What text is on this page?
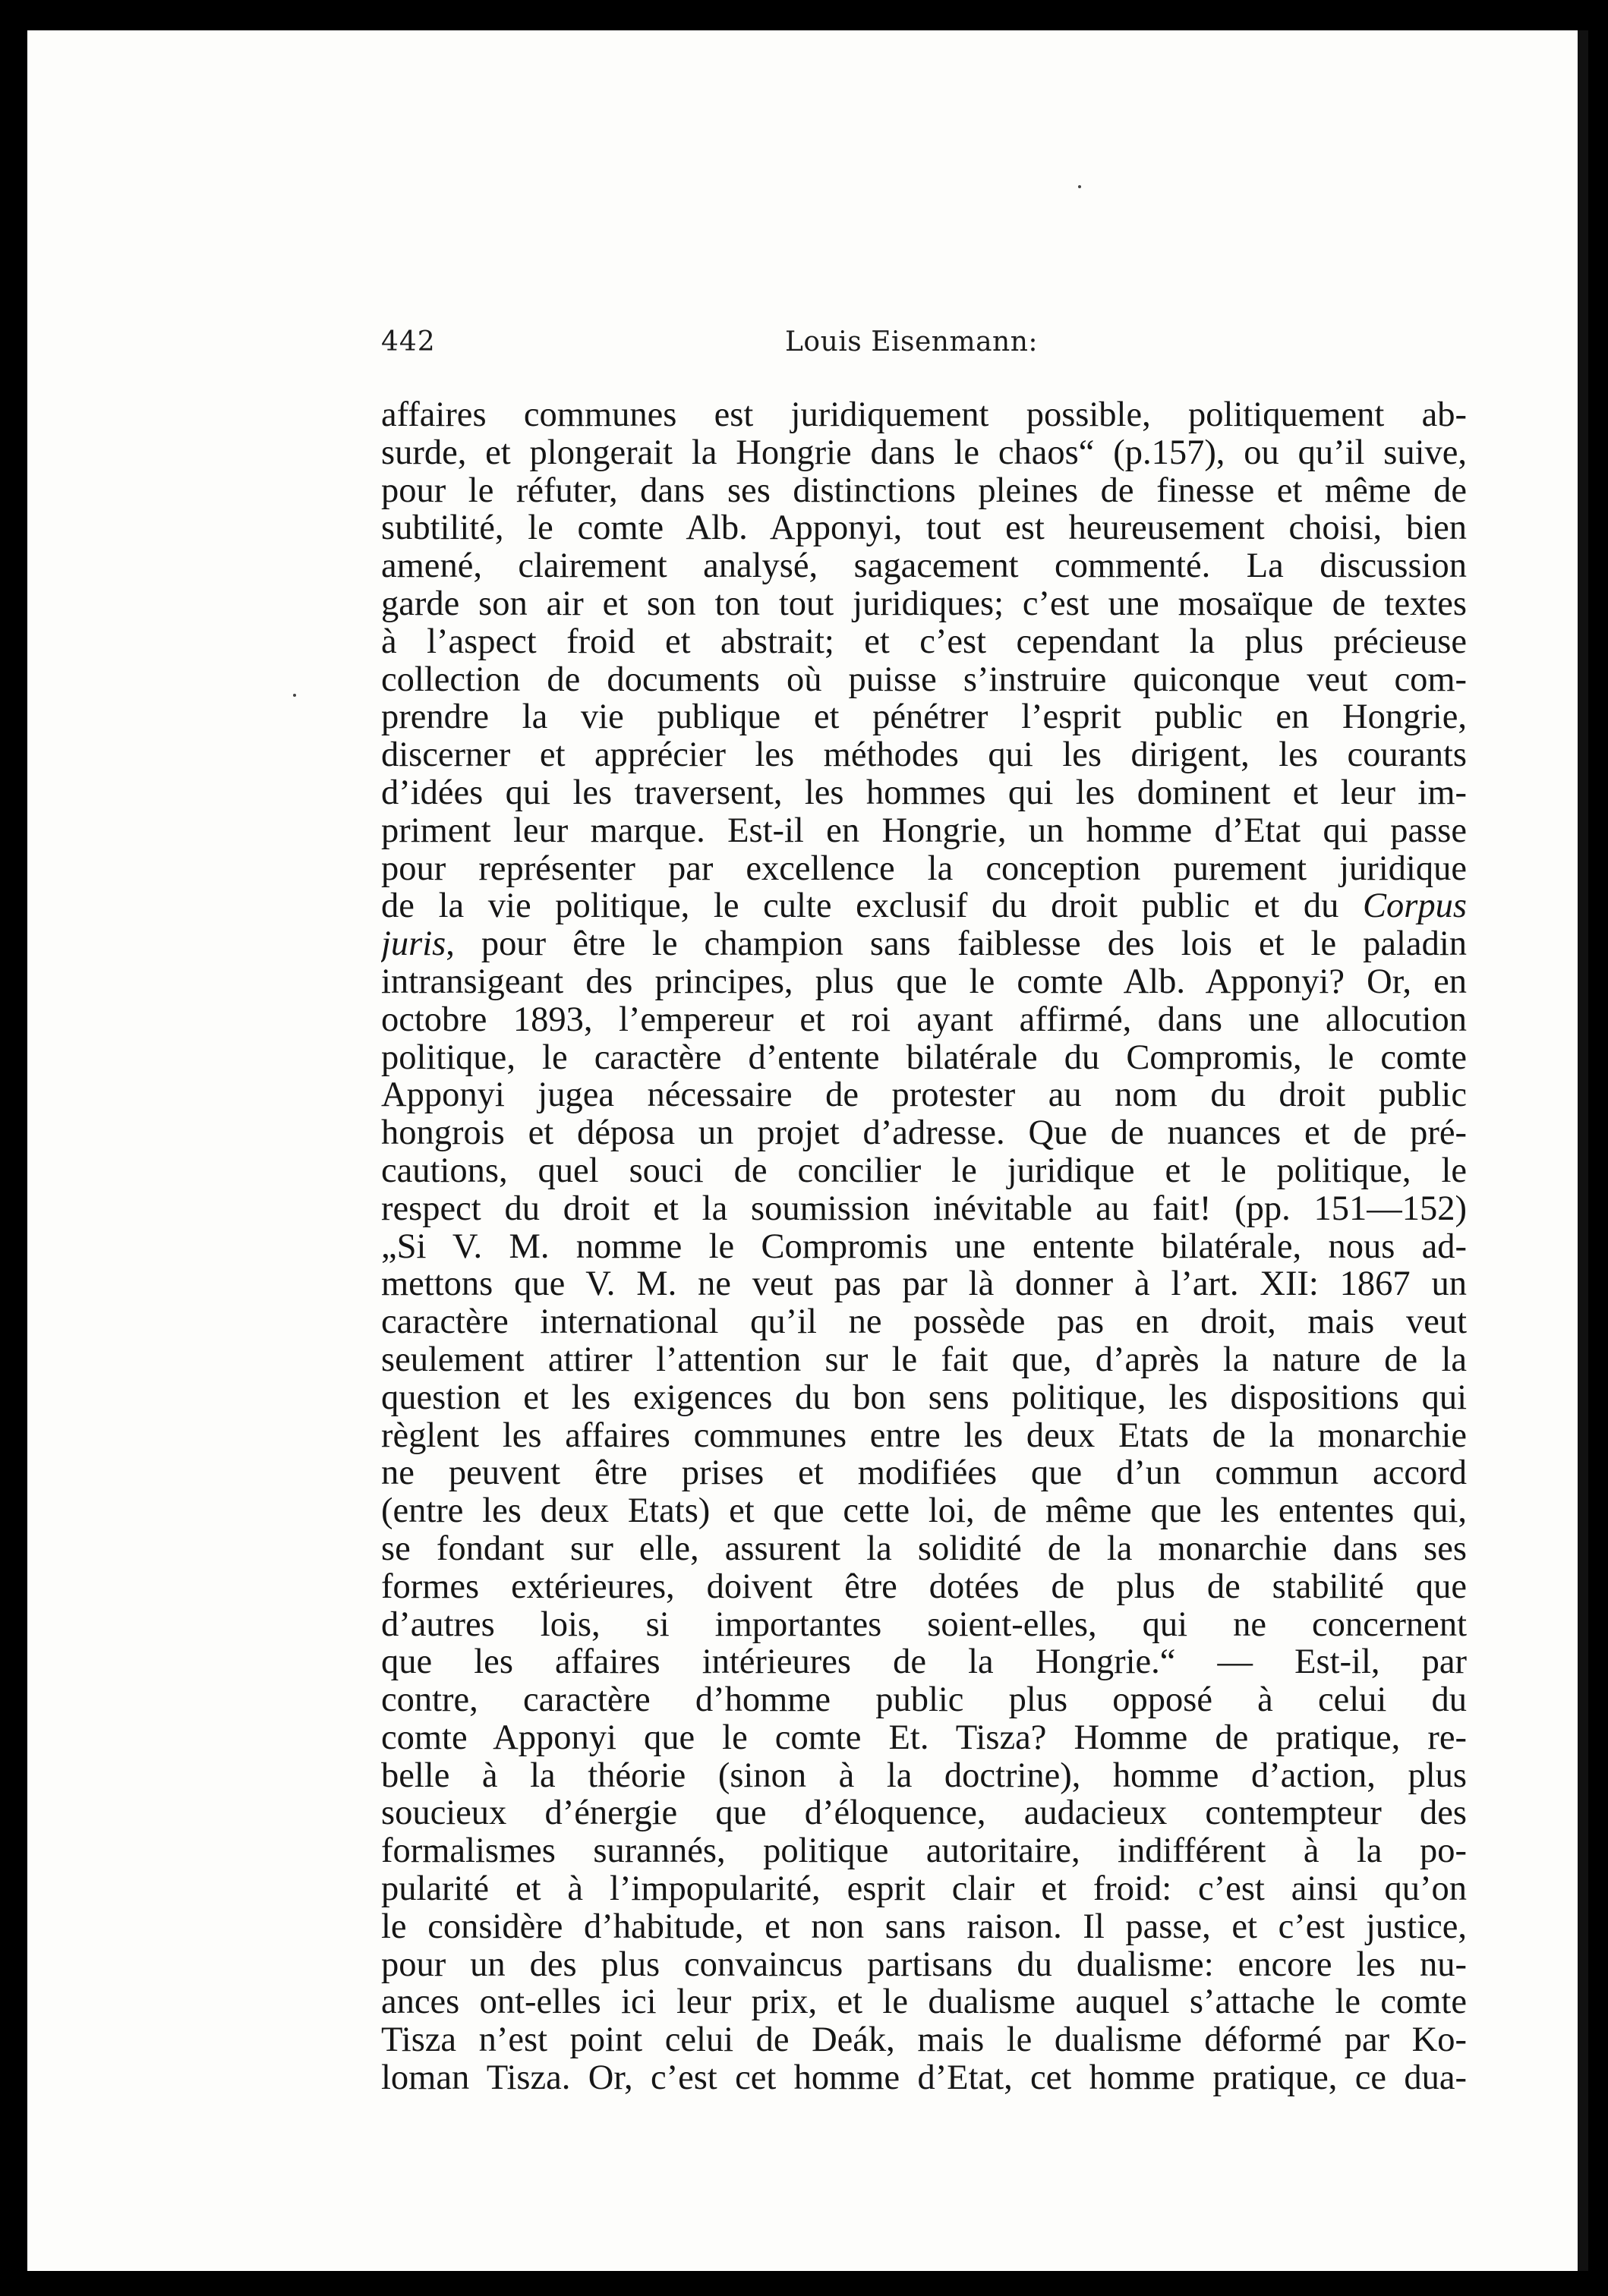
442	Louis Eisenmann:
affaires communes est juridiquement possible, politiquement ab-
surde, et plongerait la Hongrie dans le chaos“ (p.157), ou qu’il suive,
pour le réfuter, dans ses distinctions pleines de finesse et même de
subtilité, le comte Alb. Apponyi, tout est heureusement choisi, bien
amené, clairement analysé, sagacement commenté. La discussion
garde son air et son ton tout juridiques; c’est une mosaïque de textes
à l’aspect froid et abstrait; et c’est cependant la plus précieuse
collection de documents où puisse s’instruire quiconque veut com-
prendre la vie publique et pénétrer l’esprit public en Hongrie,
discerner et apprécier les méthodes qui les dirigent, les courants
d’idées qui les traversent, les hommes qui les dominent et leur im-
priment leur marque. Est-il en Hongrie, un homme d’Etat qui passe
pour représenter par excellence la conception purement juridique
de la vie politique, le culte exclusif du droit public et du Corpus
juris, pour être le champion sans faiblesse des lois et le paladin
intransigeant des principes, plus que le comte Alb. Apponyi? Or, en
octobre 1893, l’empereur et roi ayant affirmé, dans une allocution
politique, le caractère d’entente bilatérale du Compromis, le comte
Apponyi jugea nécessaire de protester au nom du droit public
hongrois et déposa un projet d’adresse. Que de nuances et de pré-
cautions, quel souci de concilier le juridique et le politique, le
respect du droit et la soumission inévitable au fait! (pp. 151—152)
„Si V. M. nomme le Compromis une entente bilatérale, nous ad-
mettons que V. M. ne veut pas par là donner à l’art. XII: 1867 un
caractère international qu’il ne possède pas en droit, mais veut
seulement attirer l’attention sur le fait que, d’après la nature de la
question et les exigences du bon sens politique, les dispositions qui
règlent les affaires communes entre les deux Etats de la monarchie
ne peuvent être prises et modifiées que d’un commun accord
(entre les deux Etats) et que cette loi, de même que les ententes qui,
se fondant sur elle, assurent la solidité de la monarchie dans ses
formes extérieures, doivent être dotées de plus de stabilité que
d’autres lois, si importantes soient-elles, qui ne concernent
que les affaires intérieures de la Hongrie.“ — Est-il, par
contre, caractère d’homme public plus opposé à celui du
comte Apponyi que le comte Et. Tisza? Homme de pratique, re-
belle à la théorie (sinon à la doctrine), homme d’action, plus
soucieux d’énergie que d’éloquence, audacieux contempteur des
formalismes surannés, politique autoritaire, indifférent à la po-
pularité et à l’impopularité, esprit clair et froid: c’est ainsi qu’on
le considère d’habitude, et non sans raison. Il passe, et c’est justice,
pour un des plus convaincus partisans du dualisme: encore les nu-
ances ont-elles ici leur prix, et le dualisme auquel s’attache le comte
Tisza n’est point celui de Deák, mais le dualisme déformé par Ko-
loman Tisza. Or, c’est cet homme d’Etat, cet homme pratique, ce dua-
